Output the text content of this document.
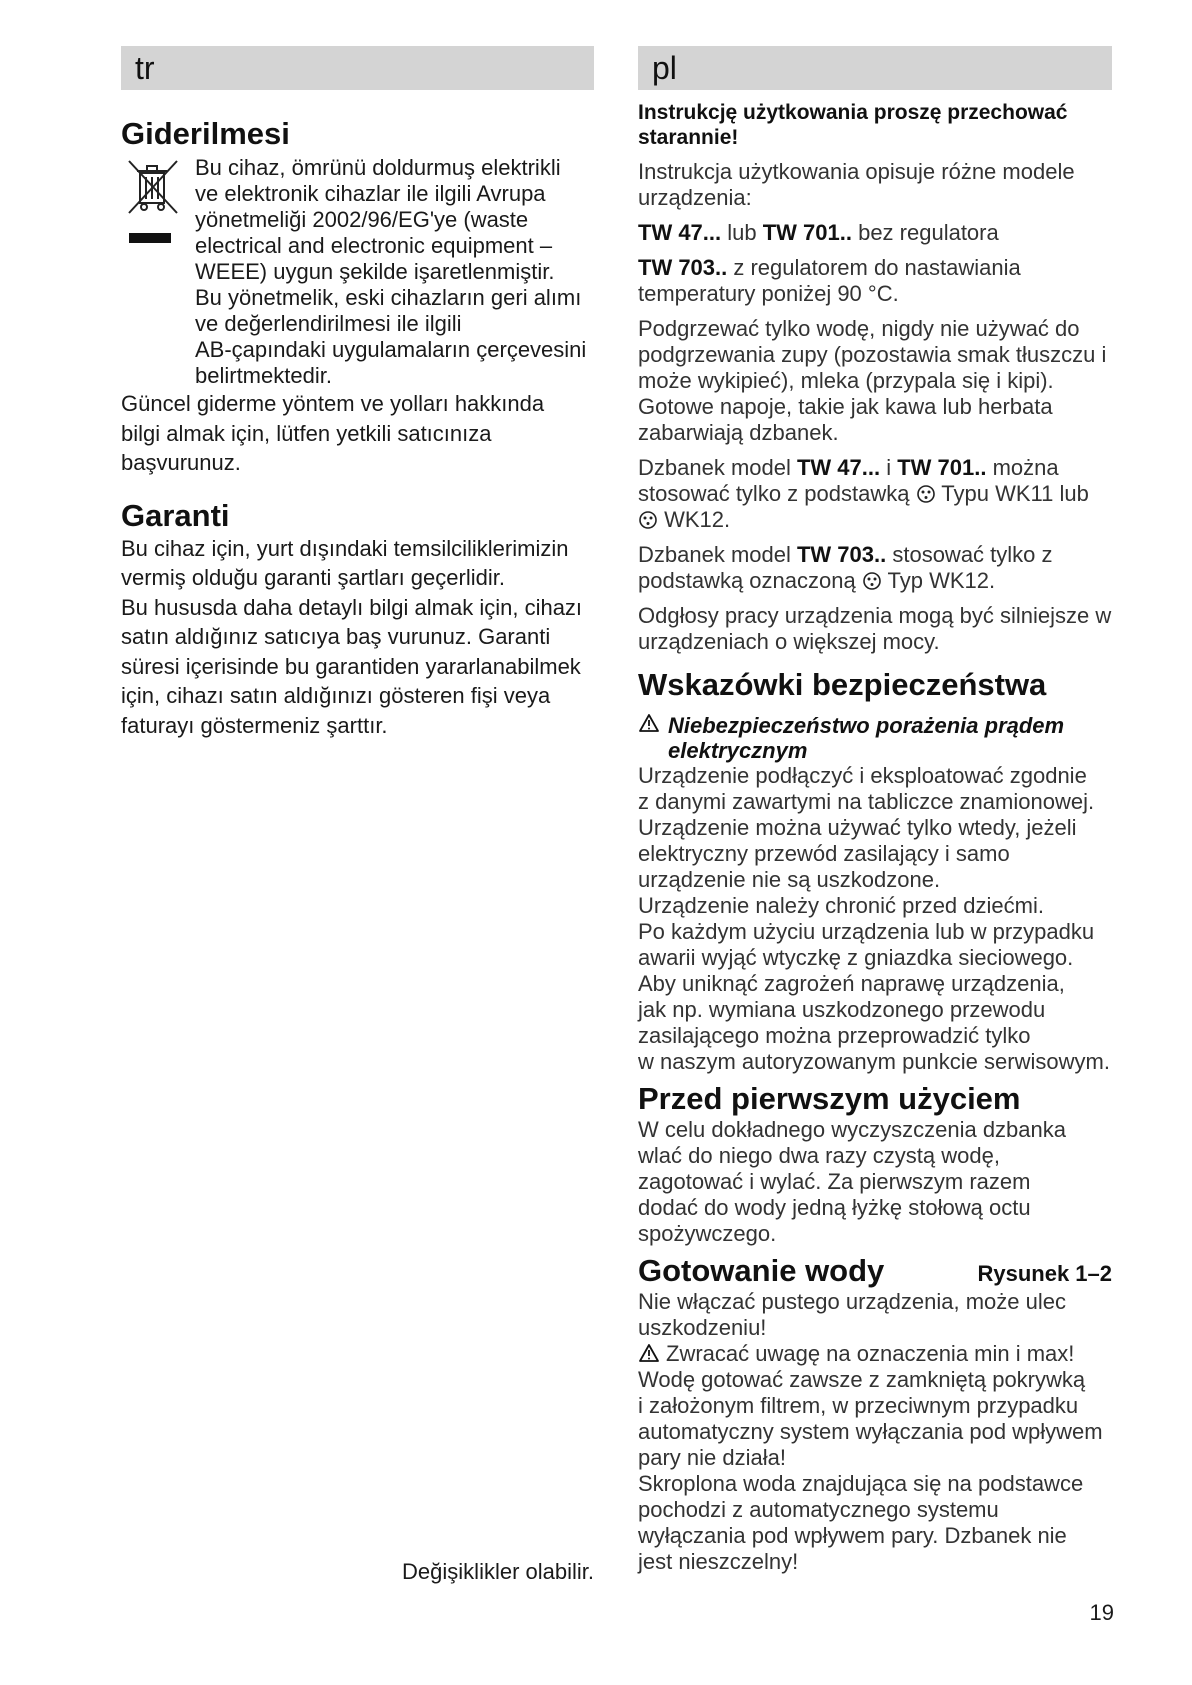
tr
Giderilmesi
Bu cihaz, ömrünü doldurmuş elektrikli
ve elektronik cihazlar ile ilgili Avrupa
yönetmeliği 2002/96/EG'ye (waste
electrical and electronic equipment –
WEEE) uygun şekilde işaretlenmiştir.
Bu yönetmelik, eski cihazların geri alımı
ve değerlendirilmesi ile ilgili
AB-çapındaki uygulamaların çerçevesini
belirtmektedir.

Güncel giderme yöntem ve yolları hakkında bilgi almak için, lütfen yetkili satıcınıza başvurunuz.

Garanti
Bu cihaz için, yurt dışındaki temsilciliklerimizin
vermiş olduğu garanti şartları geçerlidir.
Bu hususda daha detaylı bilgi almak için, cihazı
satın aldığınız satıcıya baş vurunuz. Garanti
süresi içerisinde bu garantiden yararlanabilmek
için, cihazı satın aldığınızı gösteren fişi veya
faturayı göstermeniz şarttır.
Değişiklikler olabilir.
pl

Instrukcję użytkowania proszę przechować starannie!

Instrukcja użytkowania opisuje różne modele urządzenia:

TW 47... lub TW 701.. bez regulatora

TW 703.. z regulatorem do nastawiania temperatury poniżej 90 °C.

Podgrzewać tylko wodę, nigdy nie używać do podgrzewania zupy (pozostawia smak tłuszczu i może wykipieć), mleka (przypala się i kipi). Gotowe napoje, takie jak kawa lub herbata zabarwiają dzbanek.

Dzbanek model TW 47... i TW 701.. można stosować tylko z podstawką  Typu WK11 lub  WK12.

Dzbanek model TW 703.. stosować tylko z podstawką oznaczoną  Typ WK12.

Odgłosy pracy urządzenia mogą być silniejsze w urządzeniach o większej mocy.

Wskazówki bezpieczeństwa
Niebezpieczeństwo porażenia prądem
elektrycznym
Urządzenie podłączyć i eksploatować zgodnie
z danymi zawartymi na tabliczce znamionowej.
Urządzenie można używać tylko wtedy, jeżeli
elektryczny przewód zasilający i samo
urządzenie nie są uszkodzone.
Urządzenie należy chronić przed dziećmi.
Po każdym użyciu urządzenia lub w przypadku
awarii wyjąć wtyczkę z gniazdka sieciowego.
Aby uniknąć zagrożeń naprawę urządzenia,
jak np. wymiana uszkodzonego przewodu
zasilającego można przeprowadzić tylko
w naszym autoryzowanym punkcie serwisowym.
Przed pierwszym użyciem
W celu dokładnego wyczyszczenia dzbanka
wlać do niego dwa razy czystą wodę,
zagotować i wylać. Za pierwszym razem
dodać do wody jedną łyżkę stołową octu
spożywczego.
Gotowanie wody	Rysunek 1–2
Nie włączać pustego urządzenia, może ulec
uszkodzeniu!
Zwracać uwagę na oznaczenia min i max!
Wodę gotować zawsze z zamkniętą pokrywką
i założonym filtrem, w przeciwnym przypadku
automatyczny system wyłączania pod wpływem
pary nie działa!
Skroplona woda znajdująca się na podstawce
pochodzi z automatycznego systemu
wyłączania pod wpływem pary. Dzbanek nie
jest nieszczelny!
19
